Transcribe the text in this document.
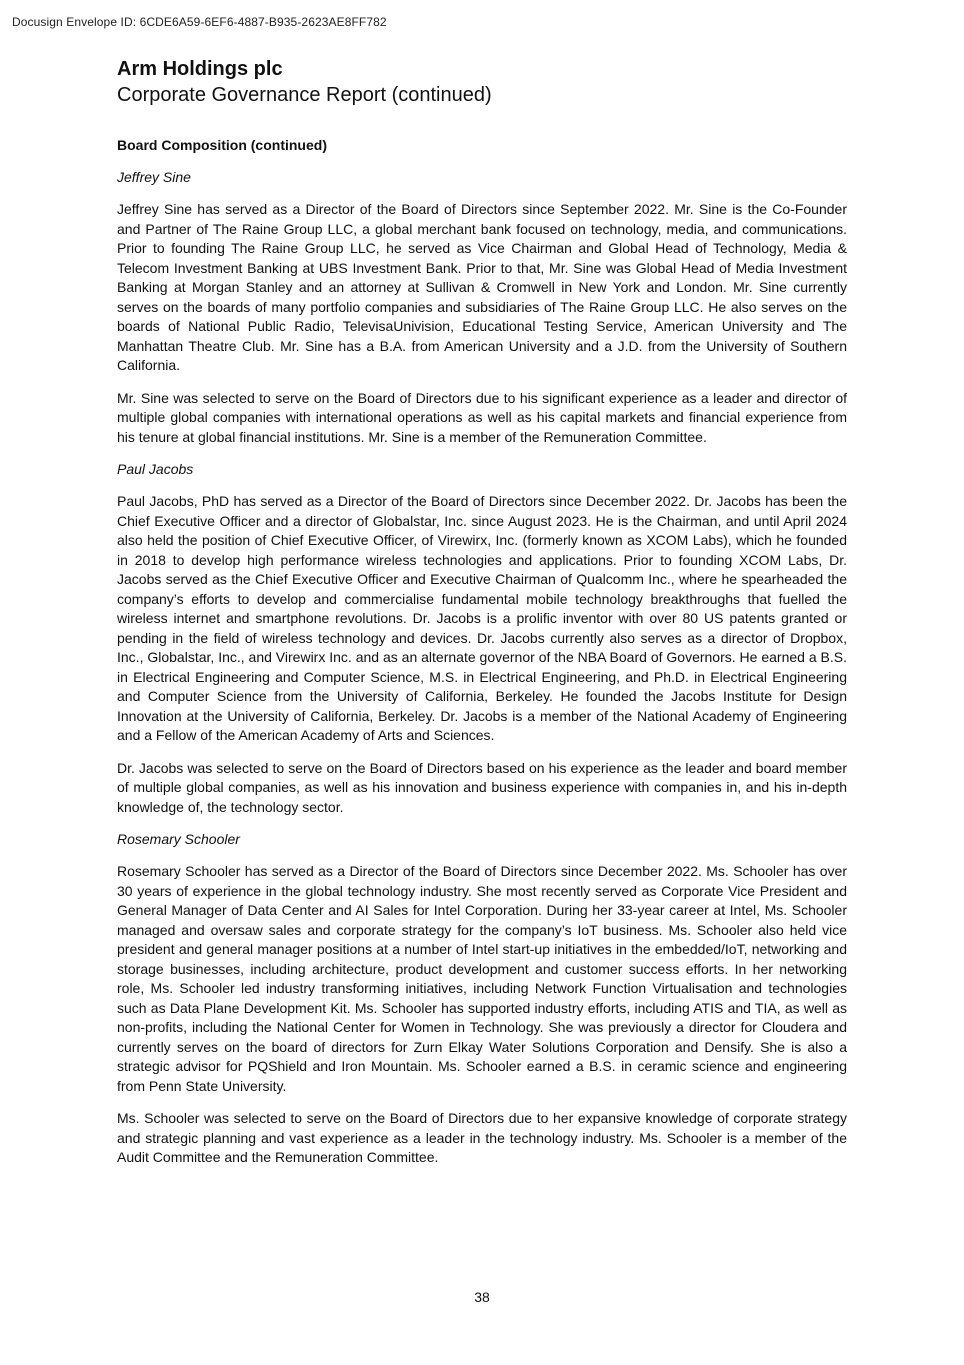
Docusign Envelope ID: 6CDE6A59-6EF6-4887-B935-2623AE8FF782
Arm Holdings plc
Corporate Governance Report (continued)
Board Composition (continued)
Jeffrey Sine

Jeffrey Sine has served as a Director of the Board of Directors since September 2022. Mr. Sine is the Co-Founder and Partner of The Raine Group LLC, a global merchant bank focused on technology, media, and communications. Prior to founding The Raine Group LLC, he served as Vice Chairman and Global Head of Technology, Media & Telecom Investment Banking at UBS Investment Bank. Prior to that, Mr. Sine was Global Head of Media Investment Banking at Morgan Stanley and an attorney at Sullivan & Cromwell in New York and London. Mr. Sine currently serves on the boards of many portfolio companies and subsidiaries of The Raine Group LLC. He also serves on the boards of National Public Radio, TelevisaUnivision, Educational Testing Service, American University and The Manhattan Theatre Club. Mr. Sine has a B.A. from American University and a J.D. from the University of Southern California.

Mr. Sine was selected to serve on the Board of Directors due to his significant experience as a leader and director of multiple global companies with international operations as well as his capital markets and financial experience from his tenure at global financial institutions. Mr. Sine is a member of the Remuneration Committee.

Paul Jacobs

Paul Jacobs, PhD has served as a Director of the Board of Directors since December 2022. Dr. Jacobs has been the Chief Executive Officer and a director of Globalstar, Inc. since August 2023. He is the Chairman, and until April 2024 also held the position of Chief Executive Officer, of Virewirx, Inc. (formerly known as XCOM Labs), which he founded in 2018 to develop high performance wireless technologies and applications. Prior to founding XCOM Labs, Dr. Jacobs served as the Chief Executive Officer and Executive Chairman of Qualcomm Inc., where he spearheaded the company’s efforts to develop and commercialise fundamental mobile technology breakthroughs that fuelled the wireless internet and smartphone revolutions. Dr. Jacobs is a prolific inventor with over 80 US patents granted or pending in the field of wireless technology and devices. Dr. Jacobs currently also serves as a director of Dropbox, Inc., Globalstar, Inc., and Virewirx Inc. and as an alternate governor of the NBA Board of Governors. He earned a B.S. in Electrical Engineering and Computer Science, M.S. in Electrical Engineering, and Ph.D. in Electrical Engineering and Computer Science from the University of California, Berkeley. He founded the Jacobs Institute for Design Innovation at the University of California, Berkeley. Dr. Jacobs is a member of the National Academy of Engineering and a Fellow of the American Academy of Arts and Sciences.

Dr. Jacobs was selected to serve on the Board of Directors based on his experience as the leader and board member of multiple global companies, as well as his innovation and business experience with companies in, and his in-depth knowledge of, the technology sector.

Rosemary Schooler

Rosemary Schooler has served as a Director of the Board of Directors since December 2022. Ms. Schooler has over 30 years of experience in the global technology industry. She most recently served as Corporate Vice President and General Manager of Data Center and AI Sales for Intel Corporation. During her 33-year career at Intel, Ms. Schooler managed and oversaw sales and corporate strategy for the company’s IoT business. Ms. Schooler also held vice president and general manager positions at a number of Intel start-up initiatives in the embedded/IoT, networking and storage businesses, including architecture, product development and customer success efforts. In her networking role, Ms. Schooler led industry transforming initiatives, including Network Function Virtualisation and technologies such as Data Plane Development Kit. Ms. Schooler has supported industry efforts, including ATIS and TIA, as well as non-profits, including the National Center for Women in Technology. She was previously a director for Cloudera and currently serves on the board of directors for Zurn Elkay Water Solutions Corporation and Densify. She is also a strategic advisor for PQShield and Iron Mountain. Ms. Schooler earned a B.S. in ceramic science and engineering from Penn State University.

Ms. Schooler was selected to serve on the Board of Directors due to her expansive knowledge of corporate strategy and strategic planning and vast experience as a leader in the technology industry. Ms. Schooler is a member of the Audit Committee and the Remuneration Committee.

38
